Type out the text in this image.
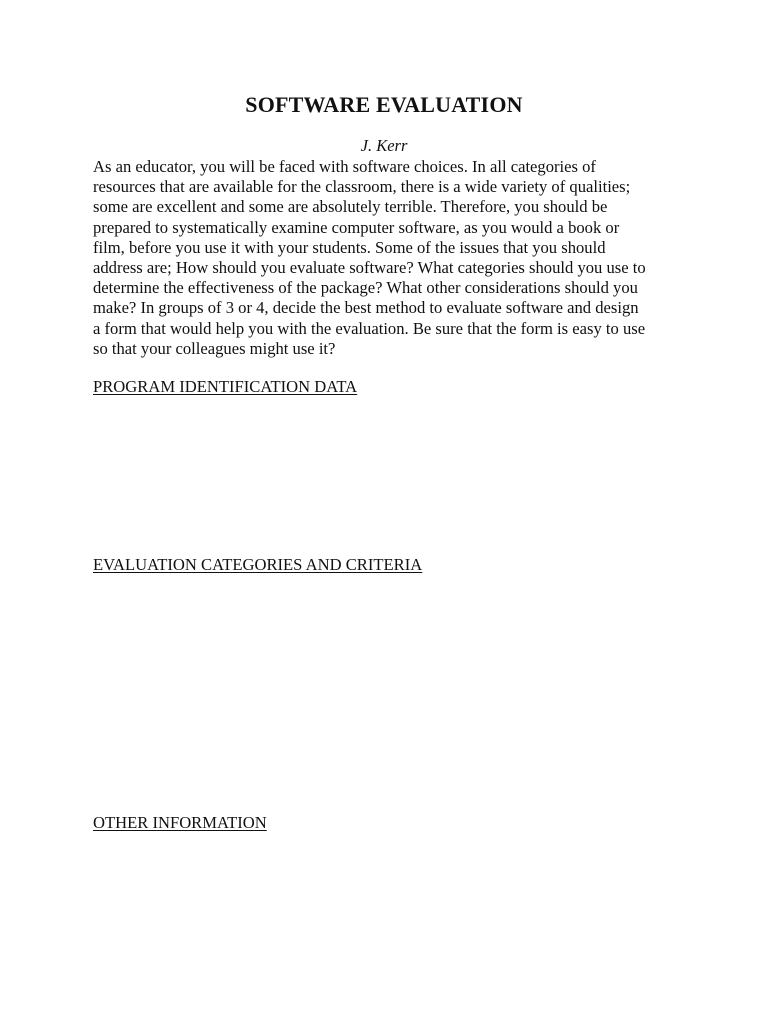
SOFTWARE EVALUATION
J. Kerr

As an educator, you will be faced with software choices. In all categories of
resources that are available for the classroom, there is a wide variety of qualities;
some are excellent and some are absolutely terrible. Therefore, you should be
prepared to systematically examine computer software, as you would a book or
film, before you use it with your students. Some of the issues that you should
address are; How should you evaluate software? What categories should you use to
determine the effectiveness of the package? What other considerations should you
make? In groups of 3 or 4, decide the best method to evaluate software and design
a form that would help you with the evaluation. Be sure that the form is easy to use
so that your colleagues might use it?

PROGRAM IDENTIFICATION DATA

EVALUATION CATEGORIES AND CRITERIA

OTHER INFORMATION
